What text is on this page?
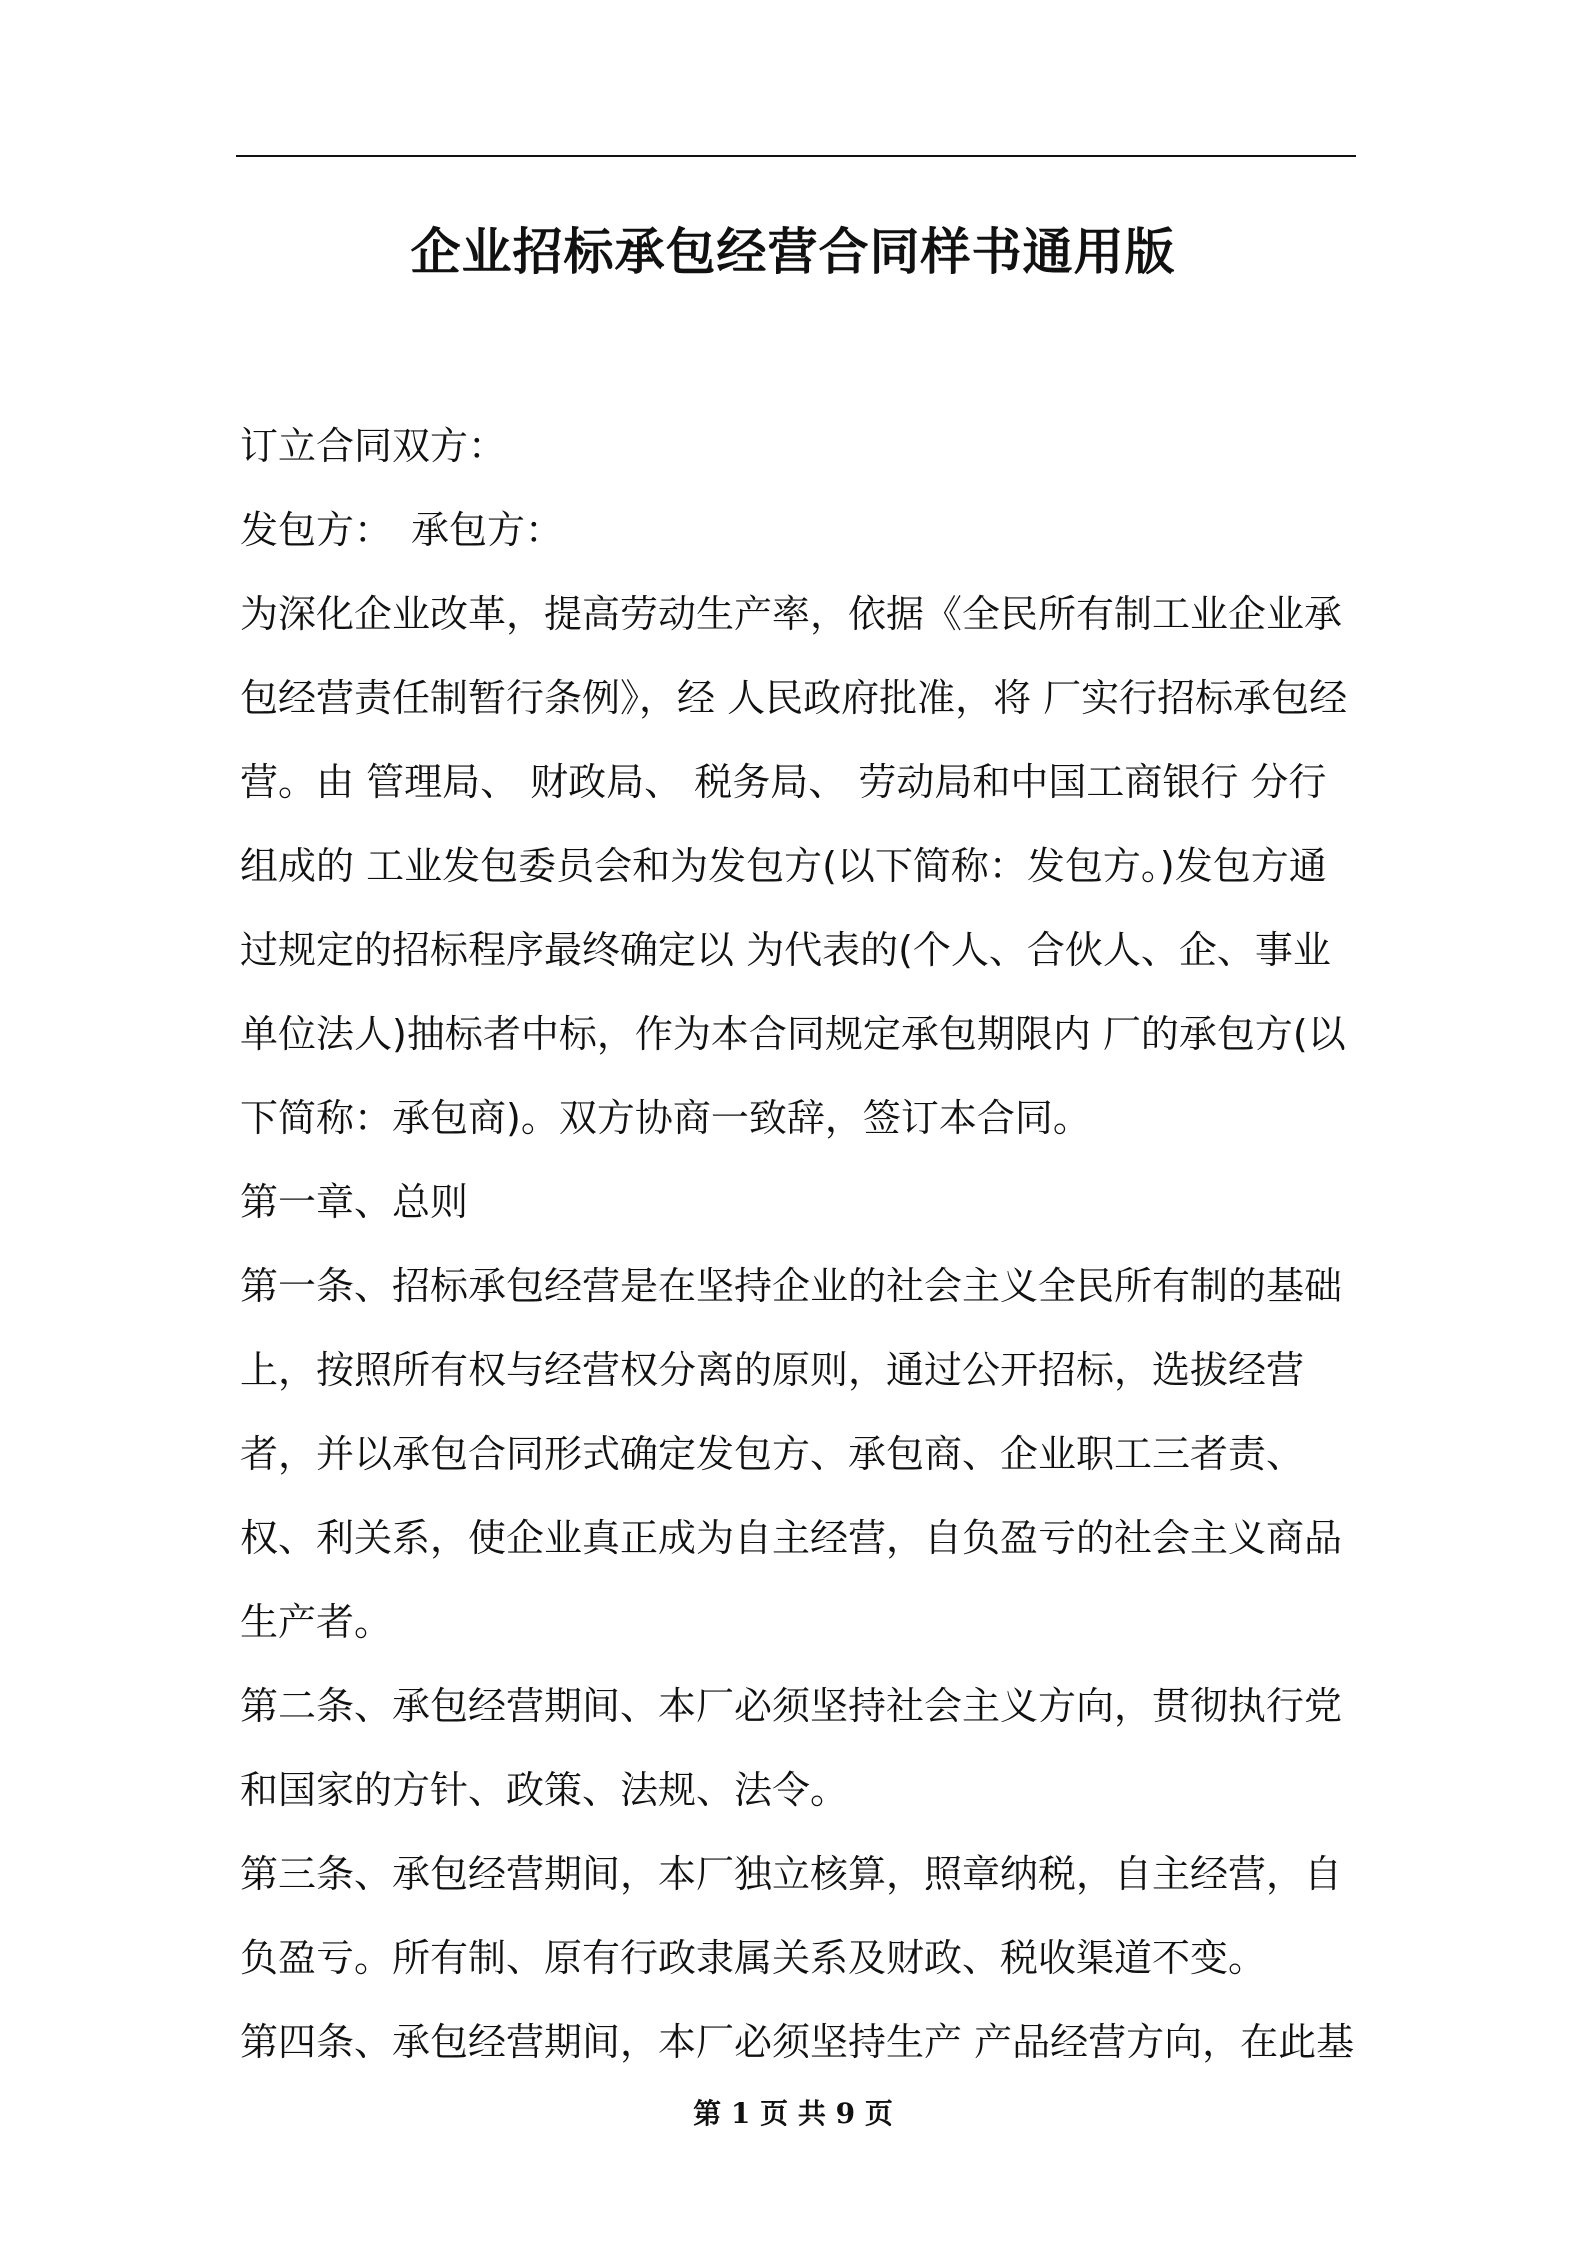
企业招标承包经营合同样书通用版

订立合同双方：

发包方：　承包方：

为深化企业改革，提高劳动生产率，依据《全民所有制工业企业承包经营责任制暂行条例》，经 人民政府批准，将 厂实行招标承包经营。由 管理局、 财政局、 税务局、 劳动局和中国工商银行 分行组成的 工业发包委员会和为发包方(以下简称：发包方。)发包方通过规定的招标程序最终确定以 为代表的(个人、合伙人、企、事业单位法人)抽标者中标，作为本合同规定承包期限内 厂的承包方(以下简称：承包商)。双方协商一致辞，签订本合同。

第一章、总则

第一条、招标承包经营是在坚持企业的社会主义全民所有制的基础上，按照所有权与经营权分离的原则，通过公开招标，选拔经营者，并以承包合同形式确定发包方、承包商、企业职工三者责、权、利关系，使企业真正成为自主经营，自负盈亏的社会主义商品生产者。

第二条、承包经营期间、本厂必须坚持社会主义方向，贯彻执行党和国家的方针、政策、法规、法令。

第三条、承包经营期间，本厂独立核算，照章纳税，自主经营，自负盈亏。所有制、原有行政隶属关系及财政、税收渠道不变。

第四条、承包经营期间，本厂必须坚持生产 产品经营方向，在此基

第 1 页 共 9 页
